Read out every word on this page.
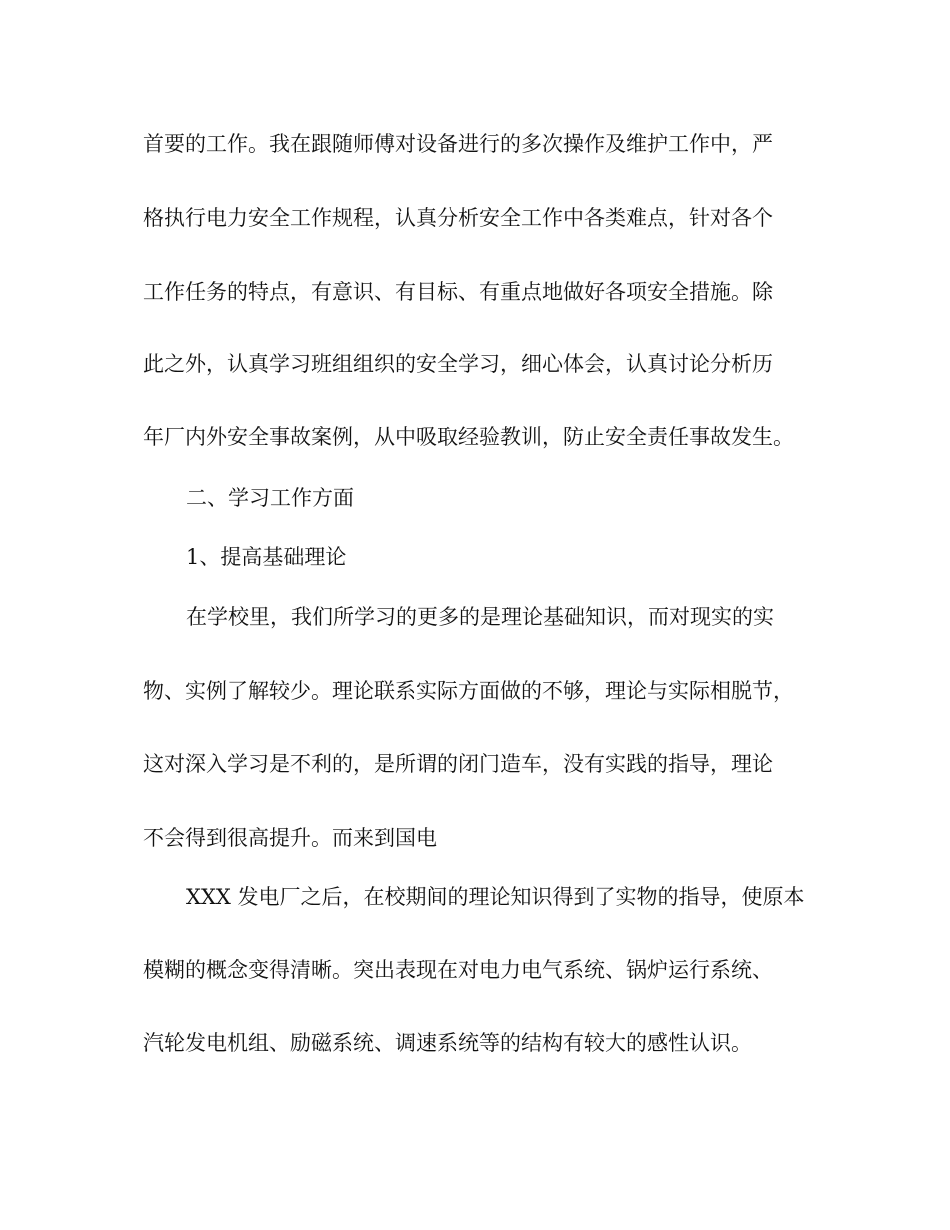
首要的工作。我在跟随师傅对设备进行的多次操作及维护工作中，严
格执行电力安全工作规程，认真分析安全工作中各类难点，针对各个
工作任务的特点，有意识、有目标、有重点地做好各项安全措施。除
此之外，认真学习班组组织的安全学习，细心体会，认真讨论分析历
年厂内外安全事故案例，从中吸取经验教训，防止安全责任事故发生。
二、学习工作方面
1、提高基础理论
在学校里，我们所学习的更多的是理论基础知识，而对现实的实
物、实例了解较少。理论联系实际方面做的不够，理论与实际相脱节，
这对深入学习是不利的，是所谓的闭门造车，没有实践的指导，理论
不会得到很高提升。而来到国电
XXX 发电厂之后，在校期间的理论知识得到了实物的指导，使原本
模糊的概念变得清晰。突出表现在对电力电气系统、锅炉运行系统、
汽轮发电机组、励磁系统、调速系统等的结构有较大的感性认识。
